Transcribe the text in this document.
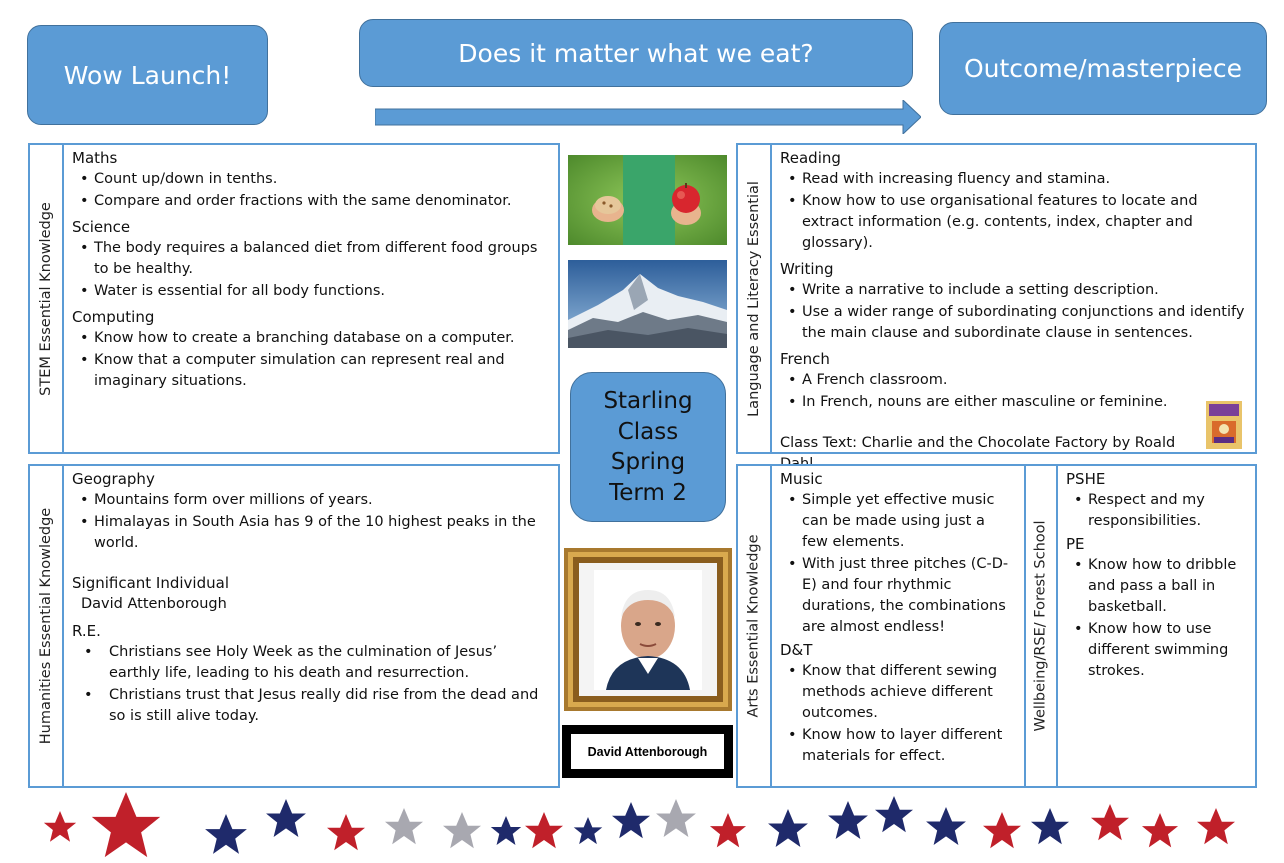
Wow Launch!
Does it matter what we eat?
Outcome/masterpiece
STEM Essential Knowledge
Maths
• Count up/down in tenths.
• Compare and order fractions with the same denominator.
Science
• The body requires a balanced diet from different food groups to be healthy.
• Water is essential for all body functions.
Computing
• Know how to create a branching database on a computer.
• Know that a computer simulation can represent real and imaginary situations.	Language and Literacy Essential
Reading
• Read with increasing fluency and stamina.
• Know how to use organisational features to locate and extract information (e.g. contents, index, chapter and glossary).
Writing
• Write a narrative to include a setting description.
• Use a wider range of subordinating conjunctions and identify the main clause and subordinate clause in sentences.
French
• A French classroom.
• In French, nouns are either masculine or feminine.
Class Text: Charlie and the Chocolate Factory by Roald
Humanities Essential Knowledge
Geography
• Mountains form over millions of years.
• Himalayas in South Asia has 9 of the 10 highest peaks in the world.
Significant Individual
David Attenborough
R.E.
• Christians see Holy Week as the culmination of Jesus’ earthly life, leading to his death and resurrection.
• Christians trust that Jesus really did rise from the dead and so is still alive today.	Arts Essential Knowledge
Music
• Simple yet effective music can be made using just a few elements.
• With just three pitches (C-D-E) and four rhythmic durations, the combinations are almost endless!
D&T
• Know that different sewing methods achieve different outcomes.
• Know how to layer different materials for effect.
Wellbeing/RSE/ Forest School
PSHE
• Respect and my responsibilities.
PE
• Know how to dribble and pass a ball in basketball.
• Know how to use different swimming strokes.
Starling
Class
Spring
Term 2
David Attenborough
